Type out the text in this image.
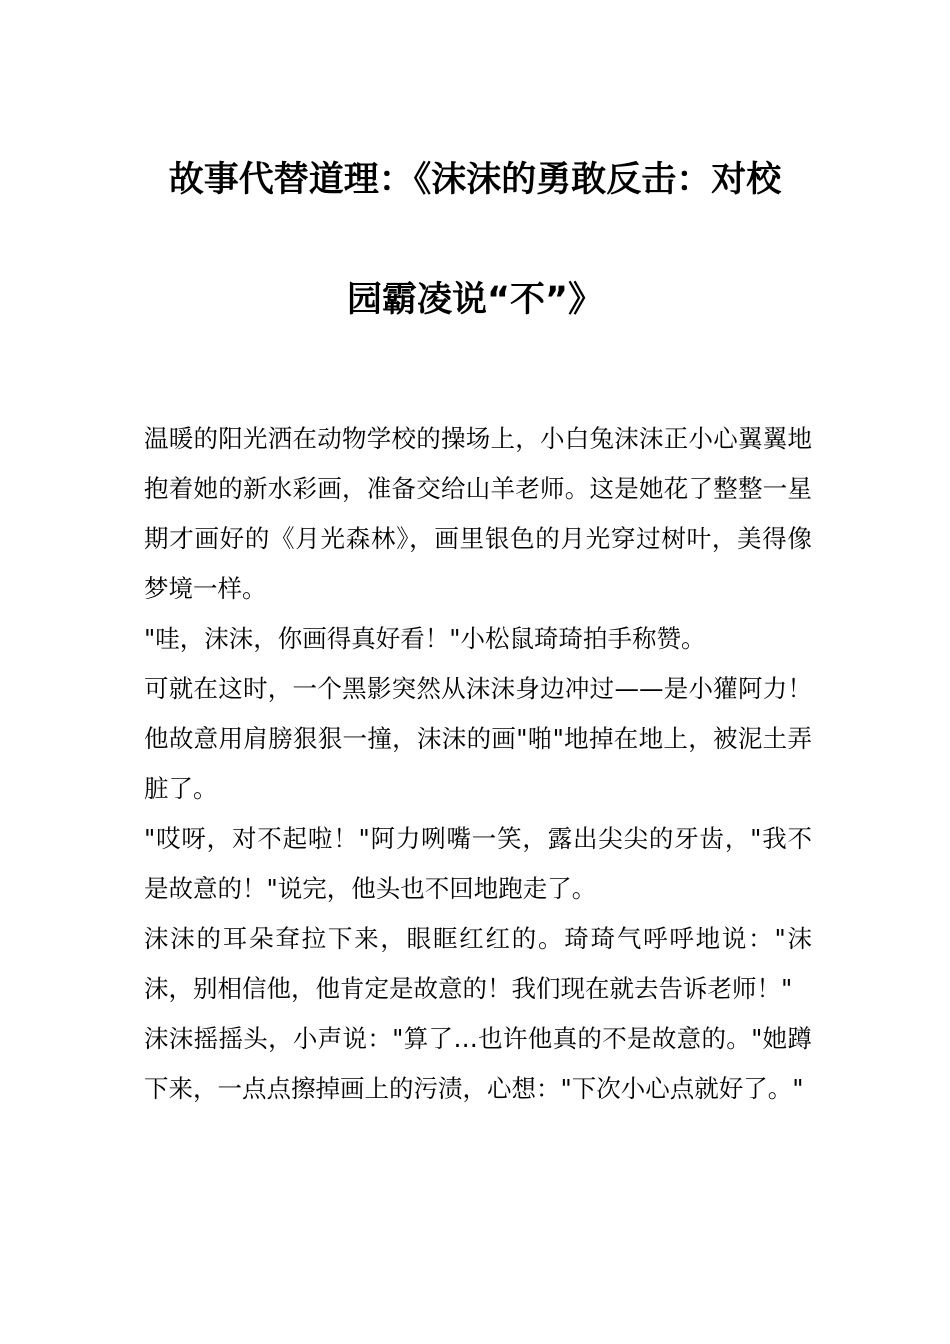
故事代替道理：《沫沫的勇敢反击：对校
园霸凌说“不”》

温暖的阳光洒在动物学校的操场上，小白兔沫沫正小心翼翼地抱着她的新水彩画，准备交给山羊老师。这是她花了整整一星期才画好的《月光森林》，画里银色的月光穿过树叶，美得像梦境一样。

"哇，沫沫，你画得真好看！"小松鼠琦琦拍手称赞。

可就在这时，一个黑影突然从沫沫身边冲过——是小獾阿力！他故意用肩膀狠狠一撞，沫沫的画"啪"地掉在地上，被泥土弄脏了。

"哎呀，对不起啦！"阿力咧嘴一笑，露出尖尖的牙齿，"我不是故意的！"说完，他头也不回地跑走了。

沫沫的耳朵耷拉下来，眼眶红红的。琦琦气呼呼地说："沫沫，别相信他，他肯定是故意的！我们现在就去告诉老师！"

沫沫摇摇头，小声说："算了…也许他真的不是故意的。"她蹲下来，一点点擦掉画上的污渍，心想："下次小心点就好了。"
